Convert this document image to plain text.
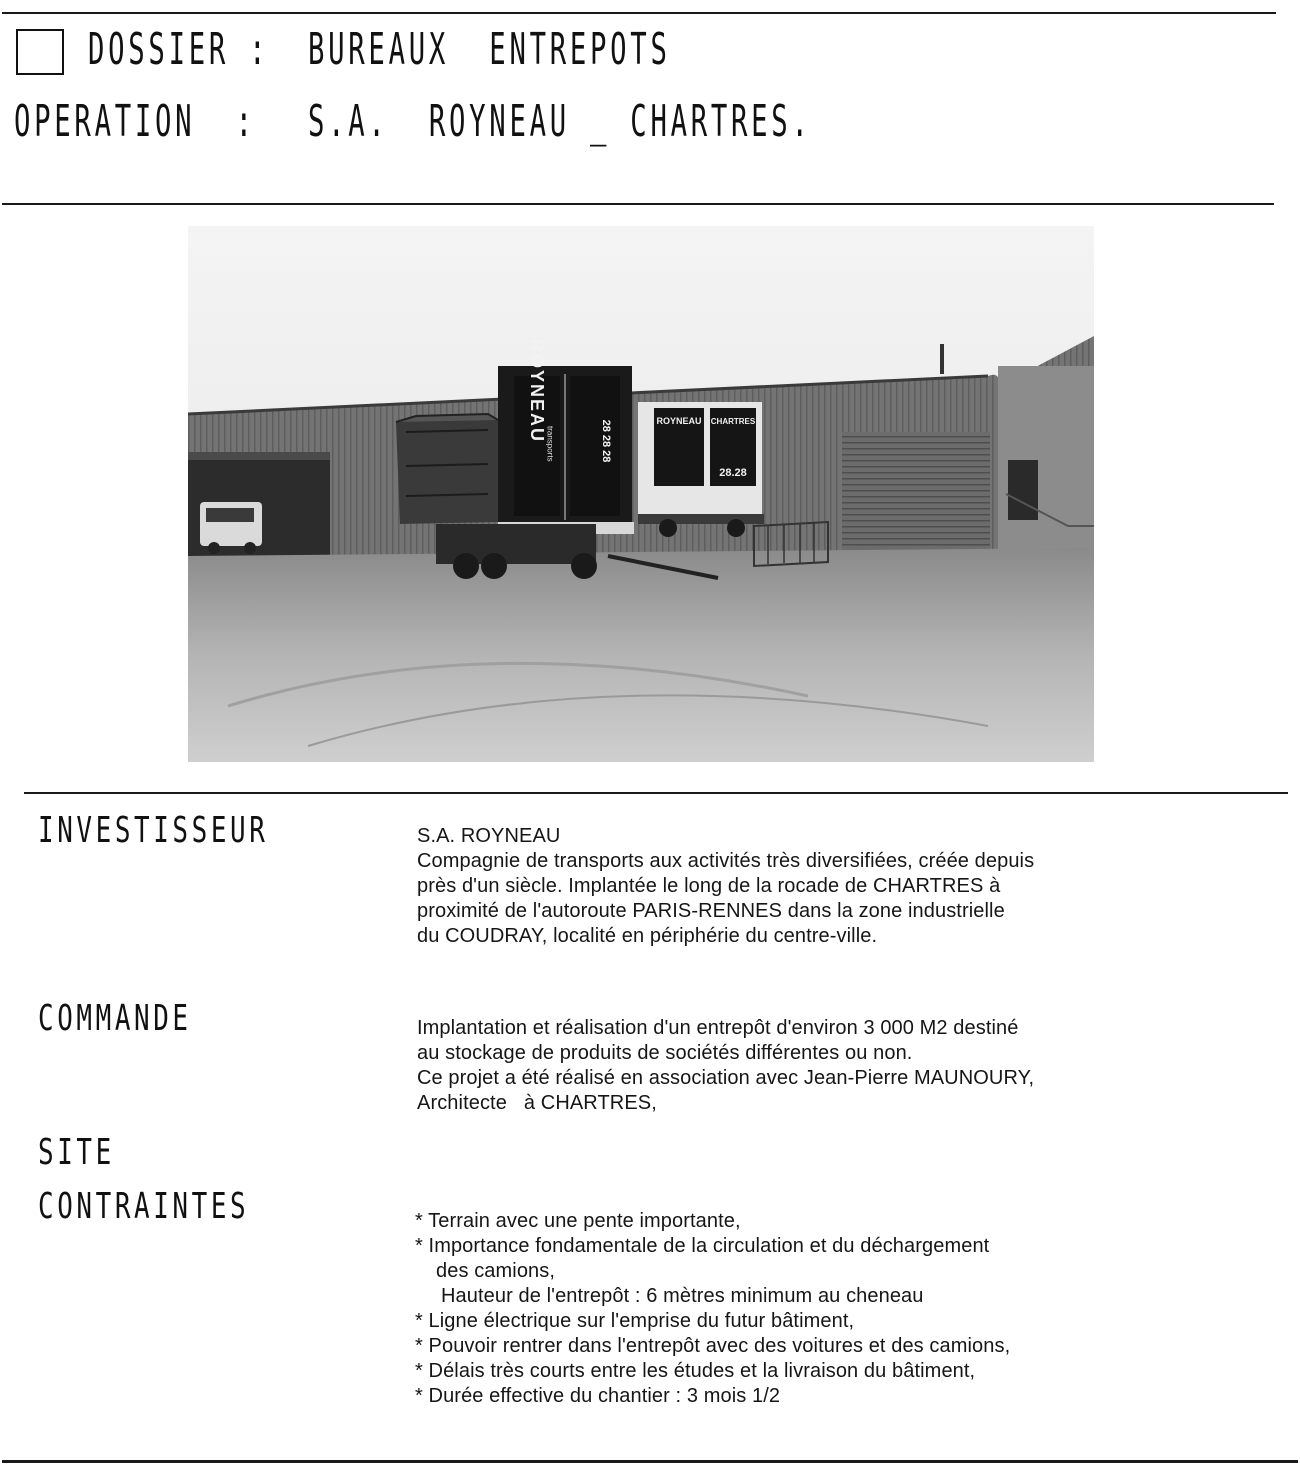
DOSSIER : BUREAUX  ENTREPOTS
OPERATION  : S.A.  ROYNEAU _ CHARTRES.
ROYNEAU
transports	28 28 28	ROYNEAU CHARTRES
28.28
INVESTISSEUR	S.A. ROYNEAU
Compagnie de transports aux activités très diversifiées, créée depuis
près d'un siècle. Implantée le long de la rocade de CHARTRES à
proximité de l'autoroute PARIS-RENNES dans la zone industrielle
du COUDRAY, localité en périphérie du centre-ville.
COMMANDE	Implantation et réalisation d'un entrepôt d'environ 3 000 M2 destiné
au stockage de produits de sociétés différentes ou non.
Ce projet a été réalisé en association avec Jean-Pierre MAUNOURY,
Architecte   à CHARTRES,
SITE
CONTRAINTES	* Terrain avec une pente importante,
* Importance fondamentale de la circulation et du déchargement
des camions,
Hauteur de l'entrepôt : 6 mètres minimum au cheneau
* Ligne électrique sur l'emprise du futur bâtiment,
* Pouvoir rentrer dans l'entrepôt avec des voitures et des camions,
* Délais très courts entre les études et la livraison du bâtiment,
* Durée effective du chantier : 3 mois 1/2
